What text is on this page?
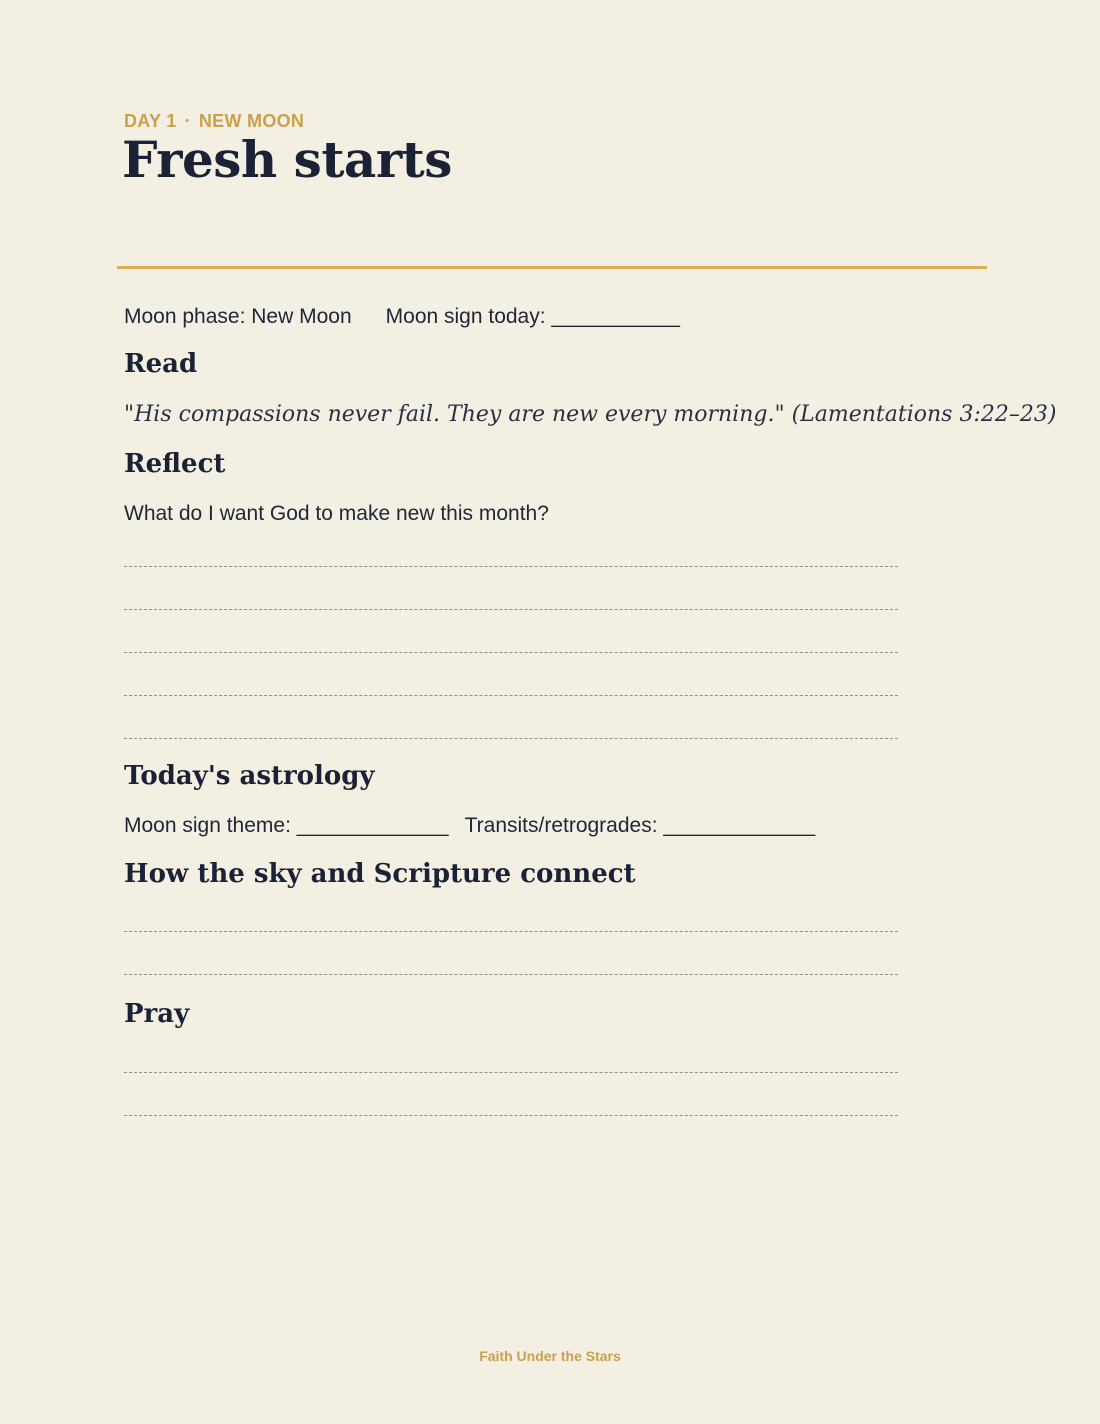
DAY 1 · NEW MOON
Fresh starts
Moon phase: New Moon Moon sign today: ___________
Read
"His compassions never fail. They are new every morning." (Lamentations 3:22–23)
Reflect
What do I want God to make new this month?
Today's astrology
Moon sign theme: _____________ Transits/retrogrades: _____________
How the sky and Scripture connect
Pray
Faith Under the Stars
